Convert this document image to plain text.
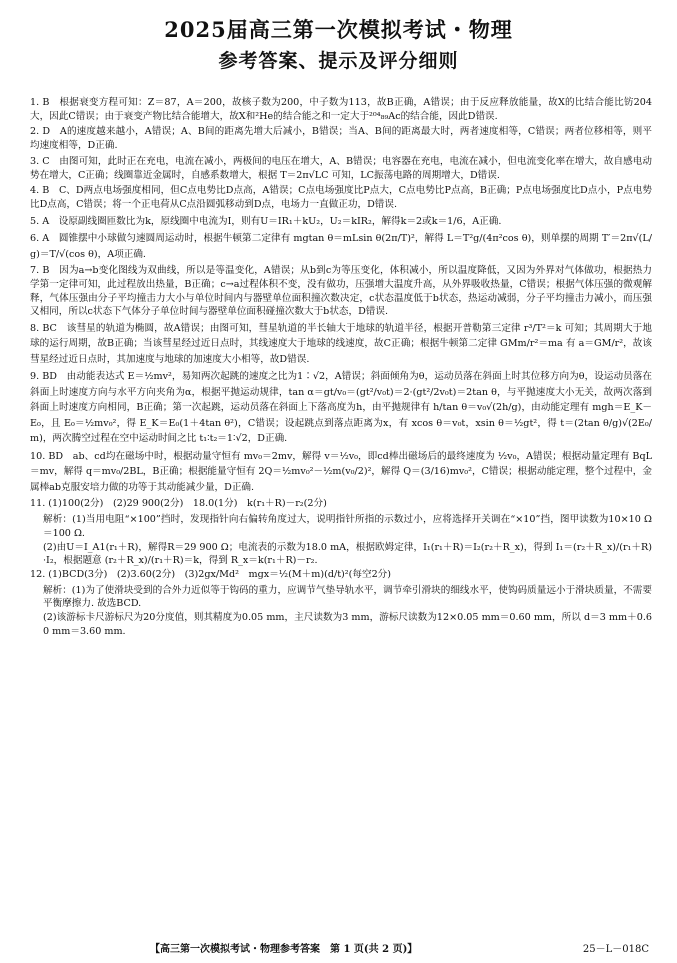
2025届高三第一次模拟考试・物理
参考答案、提示及评分细则

1. B　根据衰变方程可知：Z＝87，A＝200，故核子数为200，中子数为113，故B正确，A错误；由于反应释放能量，故X的比结合能比钫204大，因此C错误；由于衰变产物比结合能增大，故X和²He的结合能之和一定大于²⁰⁴₈₉Ac的结合能，因此D错误.

2. D　A的速度越来越小，A错误；A、B间的距离先增大后减小，B错误；当A、B间的距离最大时，两者速度相等，C错误；两者位移相等，则平均速度相等，D正确.

3. C　由图可知，此时正在充电，电流在减小，两极间的电压在增大，A、B错误；电容器在充电，电流在减小，但电流变化率在增大，故自感电动势在增大，C正确；线圈靠近金属时，自感系数增大，根据 T＝2π√LC 可知，LC振荡电路的周期增大，D错误.

4. B　C、D两点电场强度相同，但C点电势比D点高，A错误；C点电场强度比P点大，C点电势比P点高，B正确；P点电场强度比D点小，P点电势比D点高，C错误；将一个正电荷从C点沿圆弧移动到D点，电场力一直做正功，D错误.

5. A　设原副线圈匝数比为k，原线圈中电流为I，则有U＝IR₁＋kU₂，U₂＝kIR₂，解得k＝2或k＝1/6，A正确.

6. A　圆锥摆中小球做匀速圆周运动时，根据牛顿第二定律有 mgtan θ＝mLsin θ(2π/T)²，解得 L＝T²g/(4π²cos θ)，则单摆的周期 T′＝2π√(L/g)＝T/√(cos θ)，A项正确.

7. B　因为a→b变化图线为双曲线，所以是等温变化，A错误；从b到c为等压变化，体积减小，所以温度降低，又因为外界对气体做功，根据热力学第一定律可知，此过程放出热量，B正确；c→a过程体积不变，没有做功，压强增大温度升高，从外界吸收热量，C错误；根据气体压强的微观解释，气体压强由分子平均撞击力大小与单位时间内与器壁单位面积撞次数决定，c状态温度低于b状态，热运动减弱，分子平均撞击力减小，而压强又相同，所以c状态下气体分子单位时间与器壁单位面积碰撞次数大于b状态，D错误.

8. BC　该彗星的轨道为椭圆，故A错误；由图可知，彗星轨道的半长轴大于地球的轨道半径，根据开普勒第三定律 r³/T²＝k 可知；其周期大于地球的运行周期，故B正确；当该彗星经过近日点时，其线速度大于地球的线速度，故C正确；根据牛顿第二定律 GMm/r²＝ma 有 a＝GM/r²，故该彗星经过近日点时，其加速度与地球的加速度大小相等，故D错误.

9. BD　由动能表达式 E＝½mv²，易知两次起跳的速度之比为1∶√2，A错误；斜面倾角为θ，运动员落在斜面上时其位移方向为θ，设运动员落在斜面上时速度方向与水平方向夹角为α，根据平抛运动规律，tan α＝gt/v₀＝(gt²/v₀t)＝2·(gt²/2v₀t)＝2tan θ，与平抛速度大小无关，故两次落到斜面上时速度方向相同，B正确；第一次起跳，运动员落在斜面上下落高度为h，由平抛规律有 h/tan θ＝v₀√(2h/g)，由动能定理有 mgh＝E_K－E₀，且 E₀＝½mv₀²，得 E_K＝E₀(1＋4tan θ²)，C错误；设起跳点到落点距离为x，有 xcos θ＝v₀t，xsin θ＝½gt²，得 t＝(2tan θ/g)√(2E₀/m)，两次腾空过程在空中运动时间之比 t₁∶t₂＝1∶√2，D正确.

10. BD　ab、cd均在磁场中时，根据动量守恒有 mv₀＝2mv，解得 v＝½v₀，即cd棒出磁场后的最终速度为 ½v₀，A错误；根据动量定理有 BqL＝mv，解得 q＝mv₀/2BL，B正确；根据能量守恒有 2Q＝½mv₀²－½m(v₀/2)²，解得 Q＝(3/16)mv₀²，C错误；根据动能定理，整个过程中，金属棒ab克服安培力做的功等于其动能减少量，D正确.

11. (1)100(2分)　(2)29 900(2分)　18.0(1分)　k(r₁＋R)－r₂(2分)

解析：(1)当用电阻“×100”挡时，发现指针向右偏转角度过大，说明指针所指的示数过小，应将选择开关调在“×10”挡，图甲读数为10×10 Ω＝100 Ω.

(2)由U＝I_A1(r₁＋R)，解得R＝29 900 Ω；电流表的示数为18.0 mA，根据欧姆定律，I₁(r₁＋R)＝I₂(r₂＋R_x)，得到 I₁＝(r₂＋R_x)/(r₁＋R)·I₂，根据题意 (r₂＋R_x)/(r₁＋R)＝k，得到 R_x＝k(r₁＋R)－r₂.

12. (1)BCD(3分)　(2)3.60(2分)　(3)2gx/Md²　mgx＝½(M＋m)(d/t)²(每空2分)

解析：(1)为了使滑块受到的合外力近似等于钩码的重力，应调节气垫导轨水平，调节牵引滑块的细线水平，使钩码质量远小于滑块质量，不需要平衡摩擦力. 故选BCD.

(2)该游标卡尺游标尺为20分度值，则其精度为0.05 mm，主尺读数为3 mm，游标尺读数为12×0.05 mm＝0.60 mm，所以 d＝3 mm＋0.60 mm＝3.60 mm.

【高三第一次模拟考试・物理参考答案　第 1 页(共 2 页)】	25－L－018C
